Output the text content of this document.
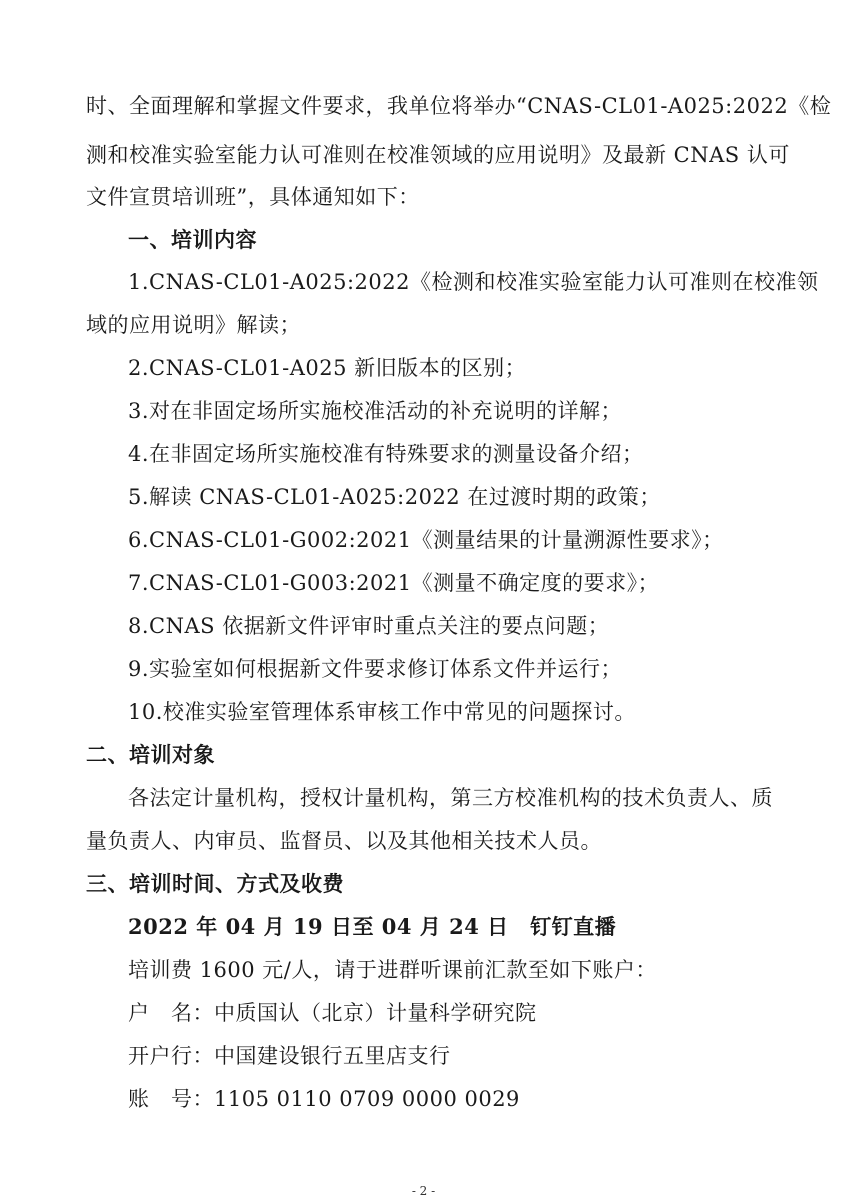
时、全面理解和掌握文件要求，我单位将举办“CNAS-CL01-A025:2022《检
测和校准实验室能力认可准则在校准领域的应用说明》及最新 CNAS 认可
文件宣贯培训班”，具体通知如下：
一、培训内容
1.CNAS-CL01-A025:2022《检测和校准实验室能力认可准则在校准领
域的应用说明》解读；
2.CNAS-CL01-A025 新旧版本的区别；
3.对在非固定场所实施校准活动的补充说明的详解；
4.在非固定场所实施校准有特殊要求的测量设备介绍；
5.解读 CNAS-CL01-A025:2022 在过渡时期的政策；
6.CNAS-CL01-G002:2021《测量结果的计量溯源性要求》；
7.CNAS-CL01-G003:2021《测量不确定度的要求》；
8.CNAS 依据新文件评审时重点关注的要点问题；
9.实验室如何根据新文件要求修订体系文件并运行；
10.校准实验室管理体系审核工作中常见的问题探讨。
二、培训对象
各法定计量机构，授权计量机构，第三方校准机构的技术负责人、质
量负责人、内审员、监督员、以及其他相关技术人员。
三、培训时间、方式及收费
2022 年 04 月 19 日至 04 月 24 日　钉钉直播
培训费 1600 元/人，请于进群听课前汇款至如下账户：
户　名：中质国认（北京）计量科学研究院
开户行：中国建设银行五里店支行
账　号：1105 0110 0709 0000 0029
- 2 -
